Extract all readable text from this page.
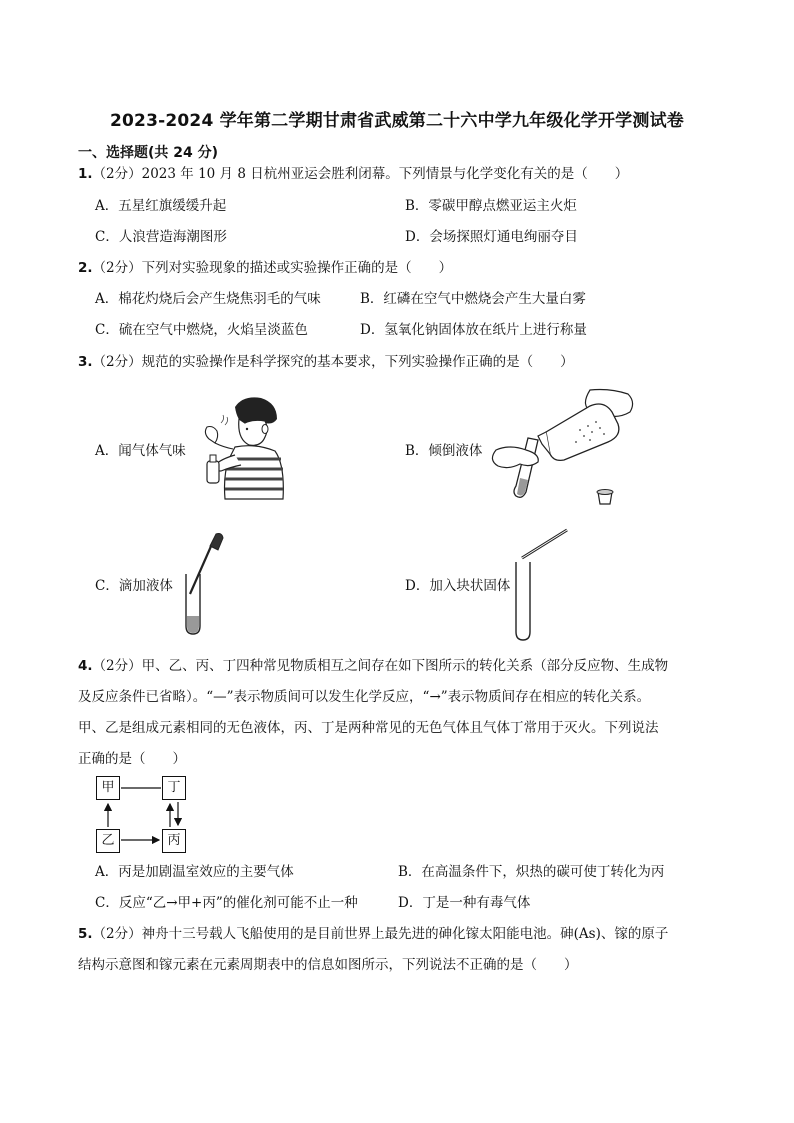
2023-2024 学年第二学期甘肃省武威第二十六中学九年级化学开学测试卷
一、选择题(共 24 分)
1.（2分）2023 年 10 月 8 日杭州亚运会胜利闭幕。下列情景与化学变化有关的是（　　）
A．五星红旗缓缓升起	B．零碳甲醇点燃亚运主火炬
C．人浪营造海潮图形	D．会场探照灯通电绚丽夺目
2.（2分）下列对实验现象的描述或实验操作正确的是（　　）
A．棉花灼烧后会产生烧焦羽毛的气味	B．红磷在空气中燃烧会产生大量白雾
C．硫在空气中燃烧，火焰呈淡蓝色	D．氢氧化钠固体放在纸片上进行称量
3.（2分）规范的实验操作是科学探究的基本要求，下列实验操作正确的是（　　）
A．闻气体气味	B．倾倒液体
C．滴加液体	D．加入块状固体
4.（2分）甲、乙、丙、丁四种常见物质相互之间存在如下图所示的转化关系（部分反应物、生成物
及反应条件已省略）。“—”表示物质间可以发生化学反应，“→”表示物质间存在相应的转化关系。
甲、乙是组成元素相同的无色液体，丙、丁是两种常见的无色气体且气体丁常用于灭火。下列说法
正确的是（　　）
甲	丁
乙	丙
A．丙是加剧温室效应的主要气体	B．在高温条件下，炽热的碳可使丁转化为丙
C．反应“乙→甲+丙”的催化剂可能不止一种	D．丁是一种有毒气体
5.（2分）神舟十三号载人飞船使用的是目前世界上最先进的砷化镓太阳能电池。砷(As)、镓的原子
结构示意图和镓元素在元素周期表中的信息如图所示，下列说法不正确的是（　　）
